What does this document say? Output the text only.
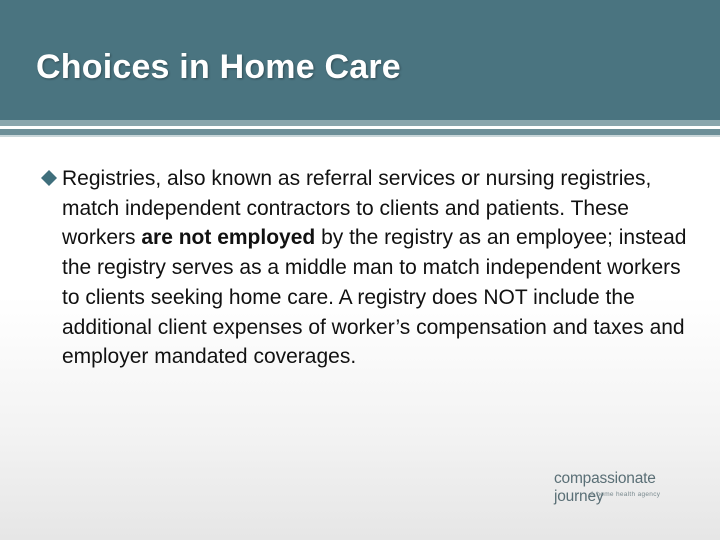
Choices in Home Care
Registries, also known as referral services or nursing registries, match independent contractors to clients and patients. These workers are not employed by the registry as an employee; instead the registry serves as a middle man to match independent workers to clients seeking home care. A registry does NOT include the additional client expenses of worker’s compensation and taxes and employer mandated coverages.
compassionate journey
A home health agency
